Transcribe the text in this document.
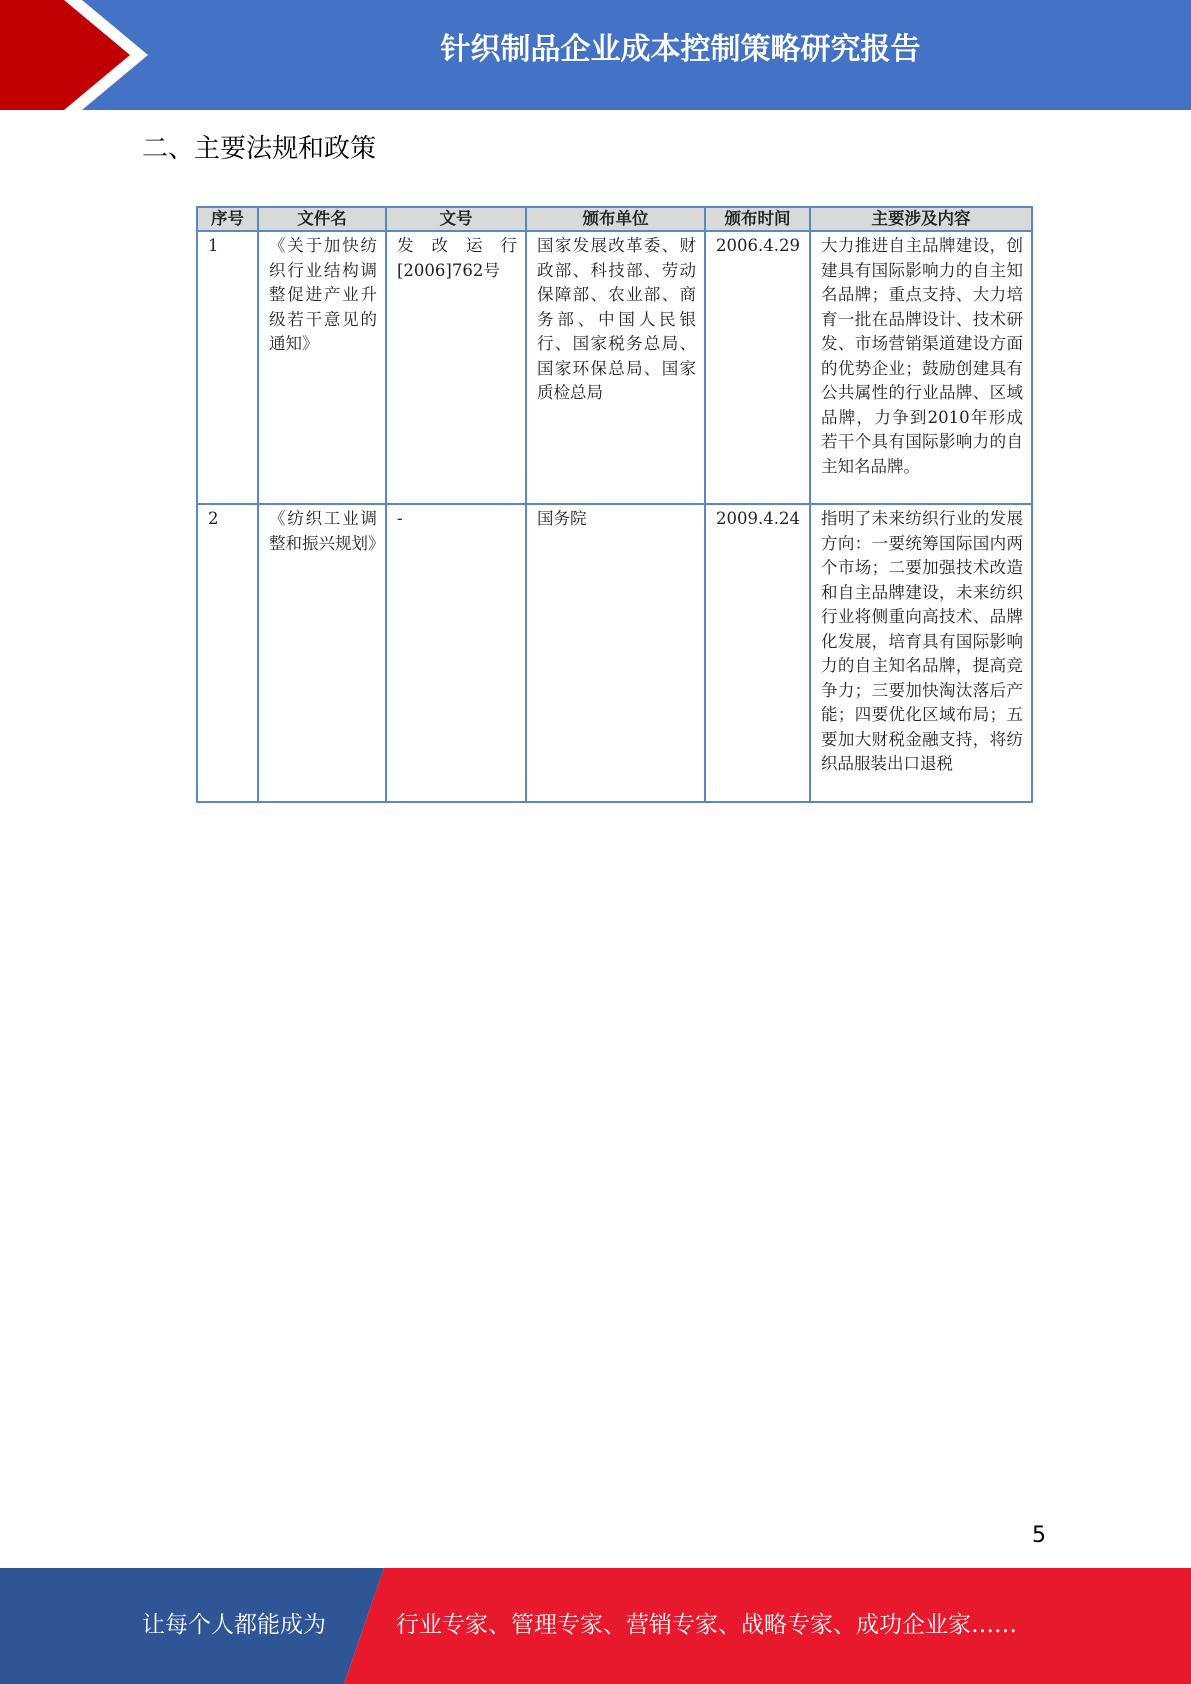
针织制品企业成本控制策略研究报告
二、主要法规和政策
序号	文件名	文号	颁布单位	颁布时间	主要涉及内容
1	《关于加快纺织行业结构调整促进产业升级若干意见的通知》	发改运行[2006]762号	国家发展改革委、财政部、科技部、劳动保障部、农业部、商务部、中国人民银行、国家税务总局、国家环保总局、国家质检总局	2006.4.29	大力推进自主品牌建设，创建具有国际影响力的自主知名品牌；重点支持、大力培育一批在品牌设计、技术研发、市场营销渠道建设方面的优势企业；鼓励创建具有公共属性的行业品牌、区域品牌，力争到2010年形成若干个具有国际影响力的自主知名品牌。
2	《纺织工业调整和振兴规划》	-	国务院	2009.4.24	指明了未来纺织行业的发展方向：一要统筹国际国内两个市场；二要加强技术改造和自主品牌建设，未来纺织行业将侧重向高技术、品牌化发展，培育具有国际影响力的自主知名品牌，提高竞争力；三要加快淘汰落后产能；四要优化区域布局；五要加大财税金融支持，将纺织品服装出口退税
5
让每个人都能成为	行业专家、管理专家、营销专家、战略专家、成功企业家……
